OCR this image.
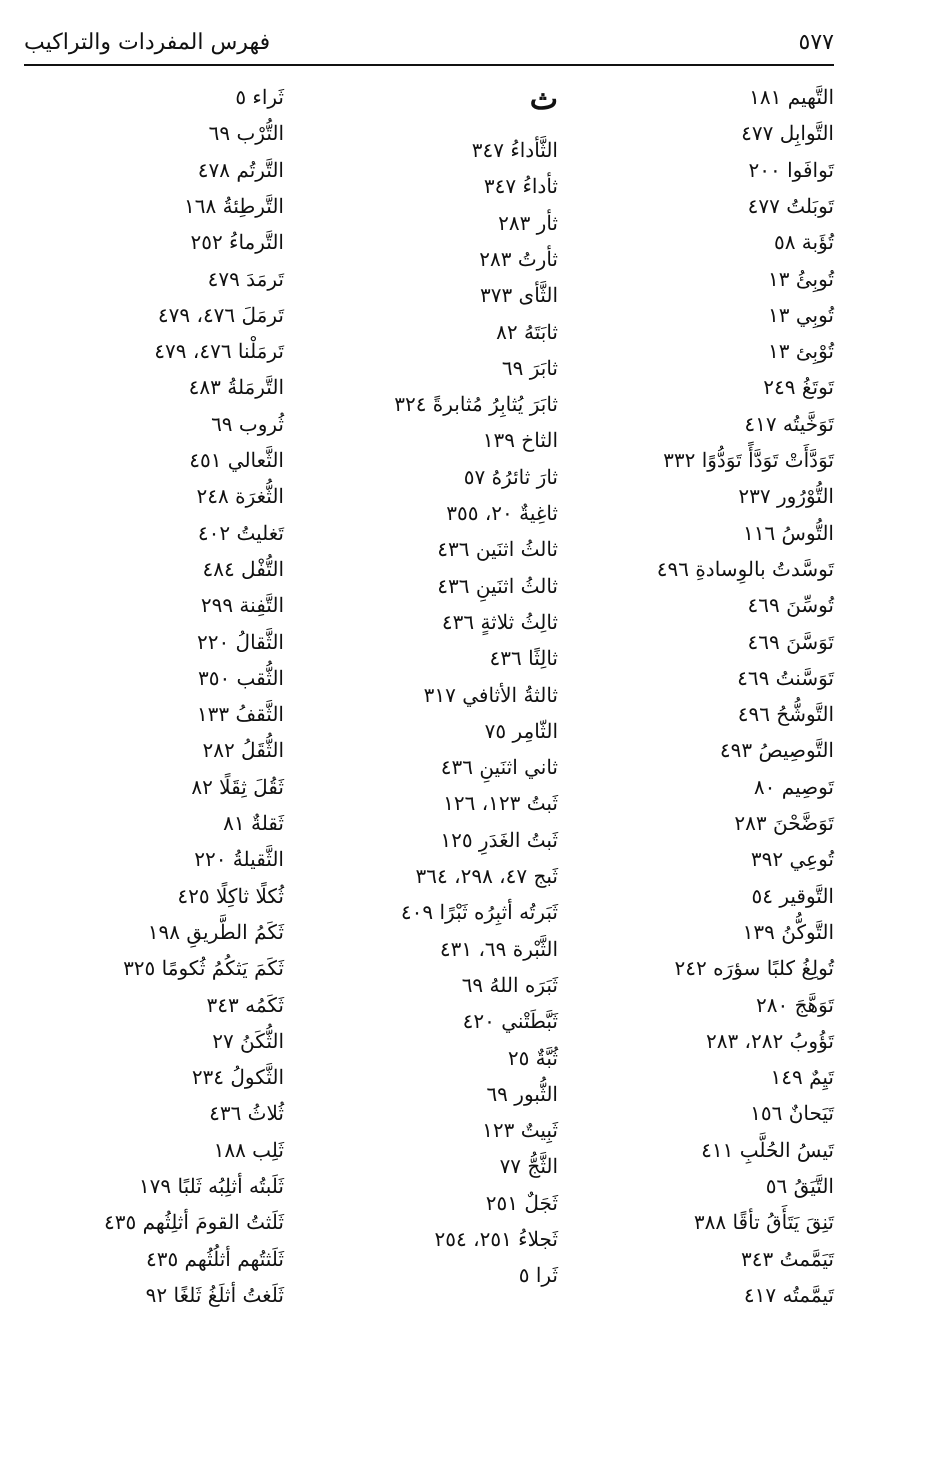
٥٧٧
فهرس المفردات والتراكيب
التَّهيم ١٨١
التَّوابِل ٤٧٧
تَوافَوا ٢٠٠
تَوبَلتُ ٤٧٧
تُؤَبة ٥٨
تُوبِئُ ١٣
تُوبِي ١٣
تُوْبِئ ١٣
تَوتَغُ ٢٤٩
تَوَخَّيتُه ٤١٧
تَوَدَّأَتْ تَوَدَّأً تَوَدُّوًا ٣٣٢
التُّوْرُور ٢٣٧
التُّوسُ ١١٦
تَوسَّدتُ بالوِسادةِ ٤٩٦
تُوسِّنَ ٤٦٩
تَوَسَّنَ ٤٦٩
تَوَسَّنتُ ٤٦٩
التَّوشُّحُ ٤٩٦
التَّوصِيصُ ٤٩٣
تَوصِيم ٨٠
تَوَضَّحْنَ ٢٨٣
تُوعِي ٣٩٢
التَّوقير ٥٤
التَّوكُّنُ ١٣٩
تُولِغُ كلبًا سؤرَه ٢٤٢
تَوَهَّجَ ٢٨٠
تَؤُوبُ ٢٨٢، ٢٨٣
تَيِمٌ ١٤٩
تَيَحانٌ ١٥٦
تَيسُ الحُلَّبِ ٤١١
التَّيَقُ ٥٦
تَنِقَ يَتَأَقُ تأقًا ٣٨٨
تَيَمَّمتُ ٣٤٣
تَيمَّمتُه ٤١٧
ث
الثَّأداءُ ٣٤٧
ثأداءُ ٣٤٧
ثأر ٢٨٣
ثأرتُ ٢٨٣
الثَّأى ٣٧٣
ثابَتَهُ ٨٢
ثابَرَ ٦٩
ثابَرَ يُثابِرُ مُثابرةً ٣٢٤
الثاخ ١٣٩
ثارَ ثائرُهُ ٥٧
ثاغِيةٌ ٢٠، ٣٥٥
ثالثُ اثنَين ٤٣٦
ثالثُ اثنَينِ ٤٣٦
ثالِثُ ثلاثةٍ ٤٣٦
ثالِثًا ٤٣٦
ثالثةُ الأثافي ٣١٧
الثّامِر ٧٥
ثاني اثنَينِ ٤٣٦
ثَبتُ ١٢٣، ١٢٦
ثَبتُ الغَدَرِ ١٢٥
ثَبج ٤٧، ٢٩٨، ٣٦٤
ثَبَرتُه أثبِرُه ثَبْرًا ٤٠٩
الثَّبْرة ٦٩، ٤٣١
ثَبَرَه اللهُ ٦٩
ثَبَّطَتْني ٤٢٠
ثُبَّةٌ ٢٥
الثُّبور ٦٩
ثَبِيتٌ ١٢٣
الثَّجُّ ٧٧
ثَجَلٌ ٢٥١
ثَجلاءُ ٢٥١، ٢٥٤
ثَرا ٥
ثَراء ٥
التُّرْب ٦٩
التَّرتُم ٤٧٨
التَّرطِئةُ ١٦٨
التَّرماءُ ٢٥٢
تَرمَدَ ٤٧٩
تَرمَلَ ٤٧٦، ٤٧٩
تَرمَلْنا ٤٧٦، ٤٧٩
التَّرمَلةُ ٤٨٣
ثُروب ٦٩
الثَّعالي ٤٥١
الثُّغرَة ٢٤٨
تَغليتُ ٤٠٢
التُّفْل ٤٨٤
التَّفِنة ٢٩٩
الثَّقالُ ٢٢٠
الثُّقب ٣٥٠
الثَّقفُ ١٣٣
الثُّقَلُ ٢٨٢
ثَقُلَ ثِقَلًا ٨٢
ثَقلةٌ ٨١
الثَّقيلةُ ٢٢٠
ثُكلًا ثاكِلًا ٤٢٥
ثَكَمُ الطَّريقِ ١٩٨
ثَكَمَ يَثكُمُ ثُكومًا ٣٢٥
ثَكَمُه ٣٤٣
الثُّكَنُ ٢٧
الثَّكولُ ٢٣٤
ثُلاثُ ٤٣٦
ثَلِب ١٨٨
ثَلَبتُه أثلِبُه ثَلبًا ١٧٩
ثَلَثتُ القومَ أثلِثُهم ٤٣٥
ثَلَثتُهم أثلُثُهم ٤٣٥
ثَلَغتُ أثلَغُ ثَلغًا ٩٢
